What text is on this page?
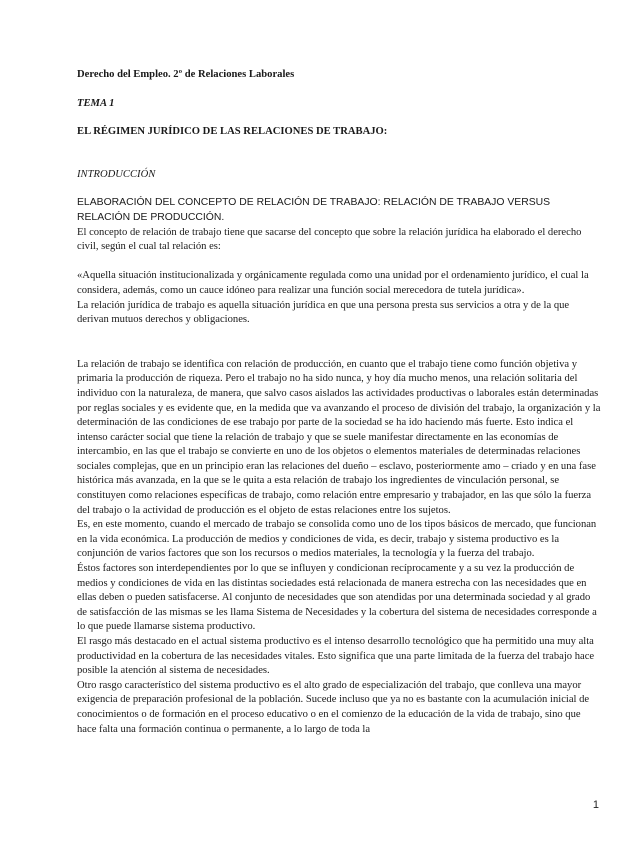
Derecho del Empleo. 2º de Relaciones Laborales

TEMA 1

EL RÉGIMEN JURÍDICO DE LAS RELACIONES DE TRABAJO:

INTRODUCCIÓN

ELABORACIÓN DEL CONCEPTO DE RELACIÓN DE TRABAJO: RELACIÓN DE TRABAJO VERSUS RELACIÓN DE PRODUCCIÓN.

El concepto de relación de trabajo tiene que sacarse del concepto que sobre la relación jurídica ha elaborado el derecho civil, según el cual tal relación es:

«Aquella situación institucionalizada y orgánicamente regulada como una unidad por el ordenamiento jurídico, el cual la considera, además, como un cauce idóneo para realizar una función social merecedora de tutela jurídica».

La relación jurídica de trabajo es aquella situación jurídica en que una persona presta sus servicios a otra y de la que derivan mutuos derechos y obligaciones.

La relación de trabajo se identifica con relación de producción, en cuanto que el trabajo tiene como función objetiva y primaria la producción de riqueza. Pero el trabajo no ha sido nunca, y hoy día mucho menos, una relación solitaria del individuo con la naturaleza, de manera, que salvo casos aislados las actividades productivas o laborales están determinadas por reglas sociales y es evidente que, en la medida que va avanzando el proceso de división del trabajo, la organización y la determinación de las condiciones de ese trabajo por parte de la sociedad se ha ido haciendo más fuerte. Esto indica el intenso carácter social que tiene la relación de trabajo y que se suele manifestar directamente en las economías de intercambio, en las que el trabajo se convierte en uno de los objetos o elementos materiales de determinadas relaciones sociales complejas, que en un principio eran las relaciones del dueño – esclavo, posteriormente amo – criado y en una fase histórica más avanzada, en la que se le quita a esta relación de trabajo los ingredientes de vinculación personal, se constituyen como relaciones específicas de trabajo, como relación entre empresario y trabajador, en las que sólo la fuerza del trabajo o la actividad de producción es el objeto de estas relaciones entre los sujetos.

Es, en este momento, cuando el mercado de trabajo se consolida como uno de los tipos básicos de mercado, que funcionan en la vida económica. La producción de medios y condiciones de vida, es decir, trabajo y sistema productivo es la conjunción de varios factores que son los recursos o medios materiales, la tecnología y la fuerza del trabajo.

Éstos factores son interdependientes por lo que se influyen y condicionan recíprocamente y a su vez la producción de medios y condiciones de vida en las distintas sociedades está relacionada de manera estrecha con las necesidades que en ellas deben o pueden satisfacerse. Al conjunto de necesidades que son atendidas por una determinada sociedad y al grado de satisfacción de las mismas se les llama Sistema de Necesidades y la cobertura del sistema de necesidades corresponde a lo que puede llamarse sistema productivo.

El rasgo más destacado en el actual sistema productivo es el intenso desarrollo tecnológico que ha permitido una muy alta productividad en la cobertura de las necesidades vitales. Esto significa que una parte limitada de la fuerza del trabajo hace posible la atención al sistema de necesidades.

Otro rasgo característico del sistema productivo es el alto grado de especialización del trabajo, que conlleva una mayor exigencia de preparación profesional de la población. Sucede incluso que ya no es bastante con la acumulación inicial de conocimientos o de formación en el proceso educativo o en el comienzo de la educación de la vida de trabajo, sino que hace falta una formación continua o permanente, a lo largo de toda la

1
